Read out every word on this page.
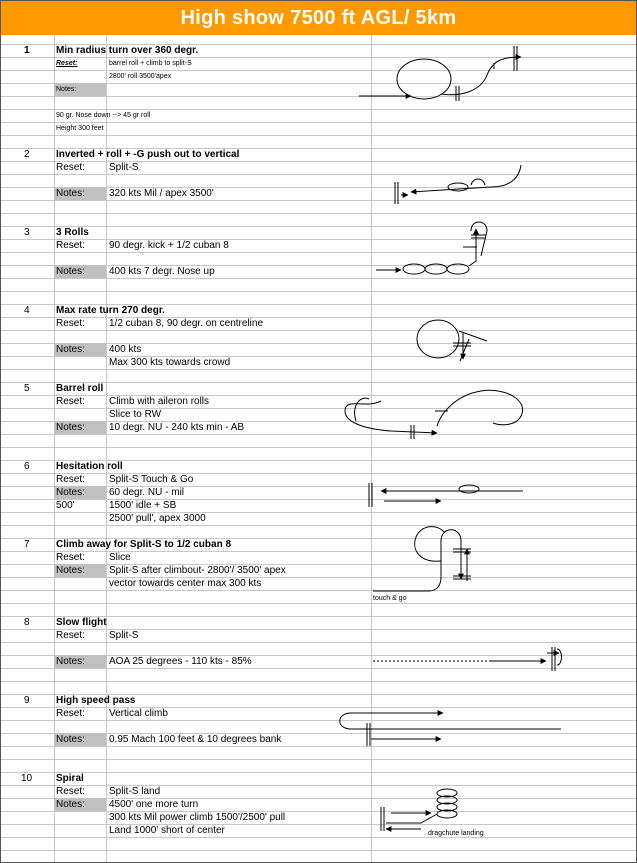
High show 7500 ft AGL/ 5km
1	Min radius turn over 360 degr.
Reset:	barrel roll + climb to split-S
2800' roll 3500'apex
Notes:
90 gr. Nose down --> 45 gr roll
Height 300 feet
2	Inverted + roll + -G push out to vertical
Reset: Split-S
Notes: 320 kts Mil / apex 3500'
3	3 Rolls
Reset: 90 degr. kick + 1/2 cuban 8
Notes: 400 kts 7 degr. Nose up
4	Max rate turn 270 degr.
Reset: 1/2 cuban 8, 90 degr. on centreline
Notes: 400 kts
Max 300 kts towards crowd
5	Barrel roll
Reset: Climb with aileron rolls
Slice to RW
Notes: 10 degr. NU - 240 kts min - AB
6	Hesitation roll
Reset: Split-S Touch & Go
Notes: 60 degr. NU - mil
500'	1500' idle + SB
2500' pull', apex 3000
7	Climb away for Split-S to 1/2 cuban 8
Reset: Slice
Notes: Split-S after climbout- 2800'/ 3500' apex
vector towards center max 300 kts
touch & go
8	Slow flight
Reset: Split-S
Notes: AOA 25 degrees - 110 kts - 85%
9	High speed pass
Reset: Vertical climb
Notes: 0.95 Mach 100 feet & 10 degrees bank
10 Spiral
Reset: Split-S land
Notes: 4500' one more turn
300 kts Mil power climb 1500'/2500' pull
Land 1000' short of center	dragchute landing
